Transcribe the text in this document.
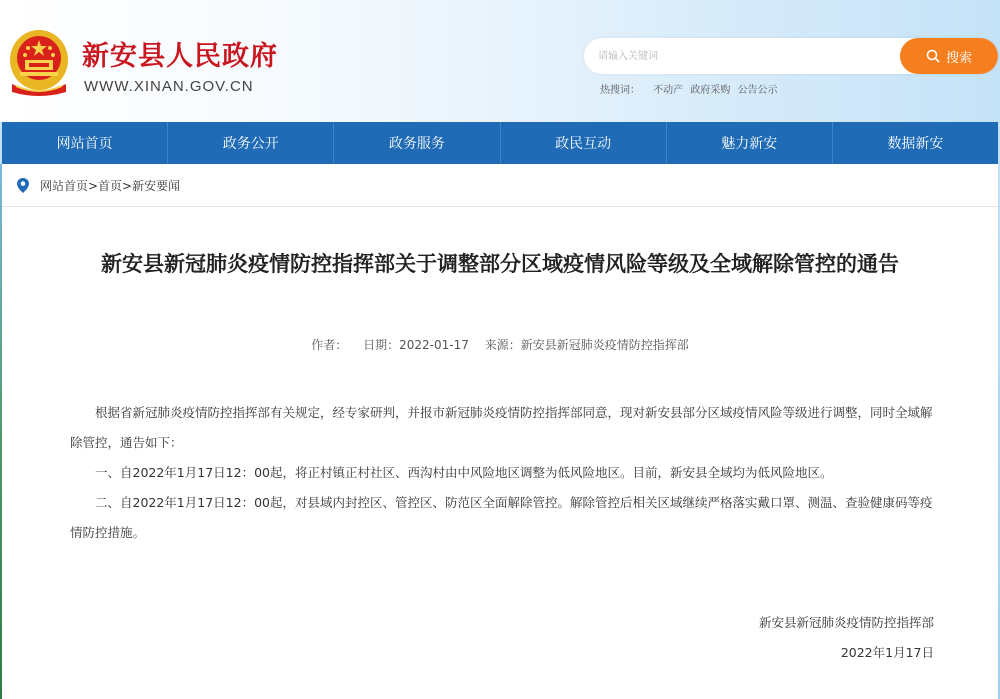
新安县人民政府
WWW.XINAN.GOV.CN
请输入关键词
搜索
热搜词： 不动产 政府采购 公告公示
网站首页	政务公开	政务服务	政民互动	魅力新安	数据新安
网站首页>首页>新安要闻
新安县新冠肺炎疫情防控指挥部关于调整部分区域疫情风险等级及全域解除管控的通告
作者： 日期：2022-01-17 来源：新安县新冠肺炎疫情防控指挥部

根据省新冠肺炎疫情防控指挥部有关规定，经专家研判，并报市新冠肺炎疫情防控指挥部同意，现对新安县部分区域疫情风险等级进行调整，同时全域解除管控，通告如下：

一、自2022年1月17日12：00起，将正村镇正村社区、西沟村由中风险地区调整为低风险地区。目前，新安县全域均为低风险地区。

二、自2022年1月17日12：00起，对县域内封控区、管控区、防范区全面解除管控。解除管控后相关区域继续严格落实戴口罩、测温、查验健康码等疫情防控措施。

新安县新冠肺炎疫情防控指挥部
2022年1月17日
